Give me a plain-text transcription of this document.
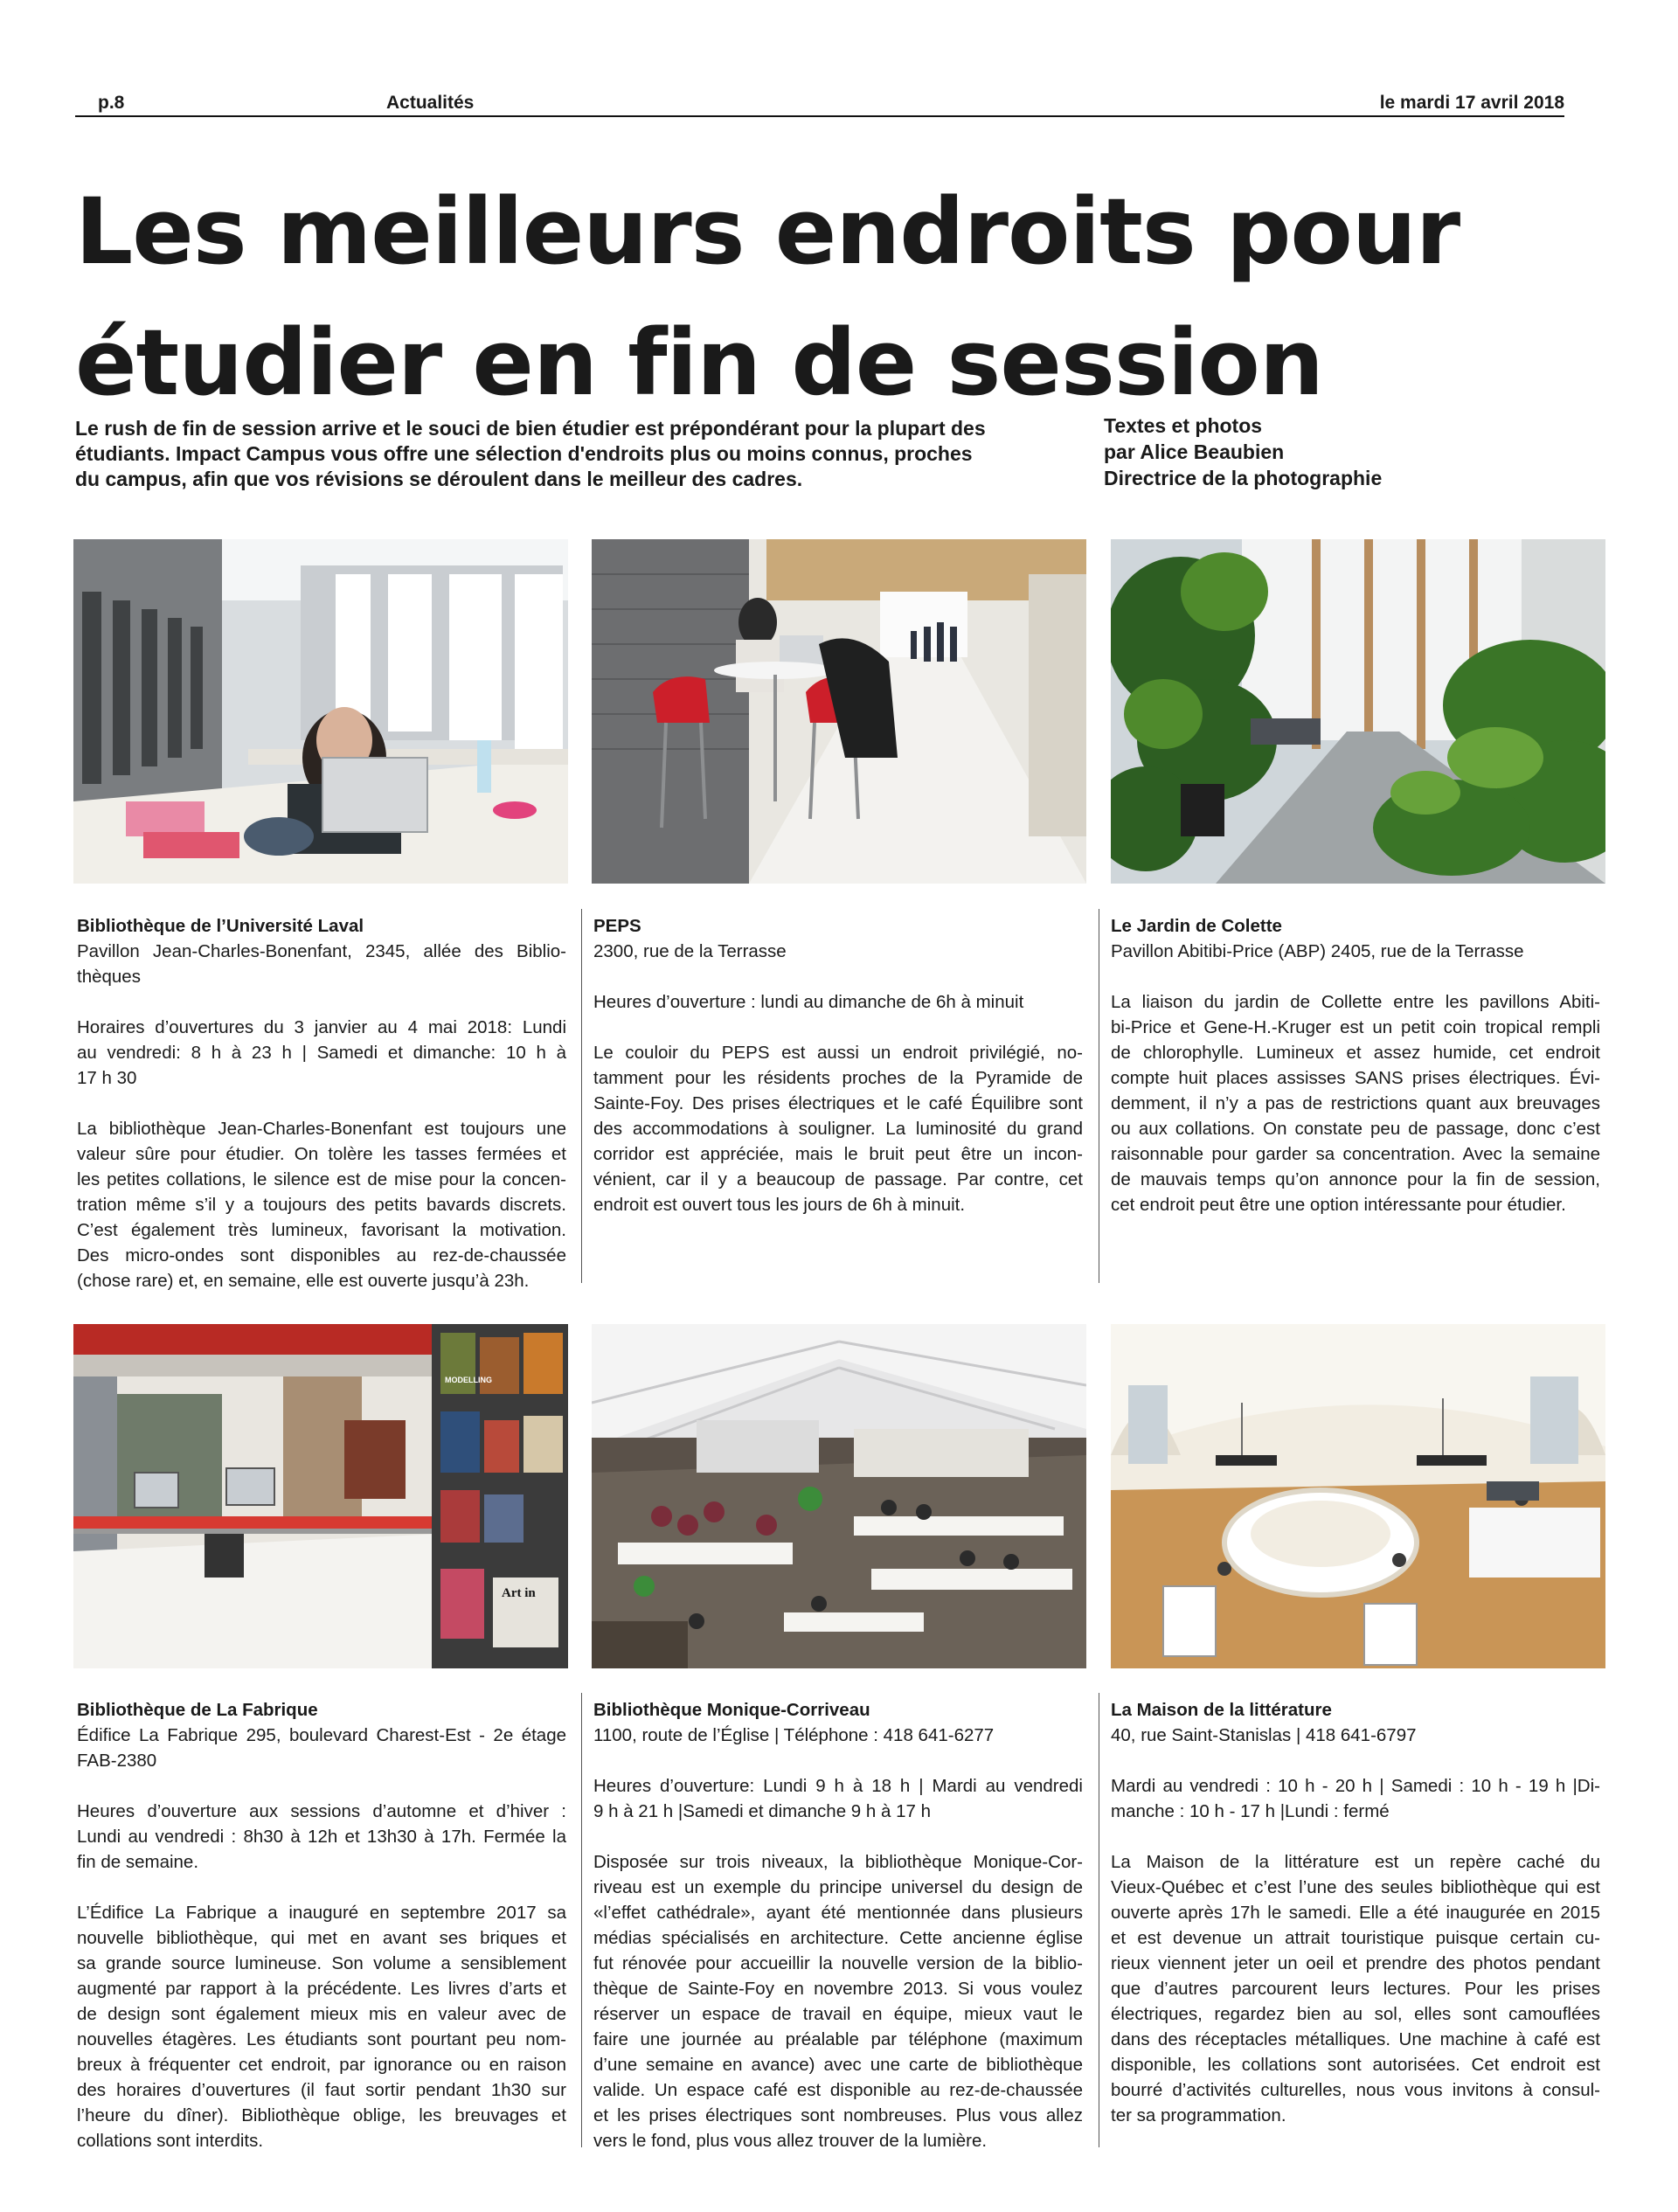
p.8	Actualités	le mardi 17 avril 2018
Les meilleurs endroits pour
étudier en fin de session
Le rush de fin de session arrive et le souci de bien étudier est prépondérant pour la plupart des
étudiants. Impact Campus vous offre une sélection d'endroits plus ou moins connus, proches
du campus, afin que vos révisions se déroulent dans le meilleur des cadres.
Textes et photos
par Alice Beaubien
Directrice de la photographie
Bibliothèque de l’Université Laval
Pavillon Jean-Charles-Bonenfant, 2345, allée des Biblio-
thèques
Horaires d’ouvertures du 3 janvier au 4 mai 2018: Lundi
au vendredi: 8 h à 23 h | Samedi et dimanche: 10 h à
17 h 30
La bibliothèque Jean-Charles-Bonenfant est toujours une
valeur sûre pour étudier. On tolère les tasses fermées et
les petites collations, le silence est de mise pour la concen-
tration même s’il y a toujours des petits bavards discrets.
C’est également très lumineux, favorisant la motivation.
Des micro-ondes sont disponibles au rez-de-chaussée
(chose rare) et, en semaine, elle est ouverte jusqu’à 23h.
PEPS
2300, rue de la Terrasse
Heures d’ouverture : lundi au dimanche de 6h à minuit
Le couloir du PEPS est aussi un endroit privilégié, no-
tamment pour les résidents proches de la Pyramide de
Sainte-Foy. Des prises électriques et le café Équilibre sont
des accommodations à souligner. La luminosité du grand
corridor est appréciée, mais le bruit peut être un incon-
vénient, car il y a beaucoup de passage. Par contre, cet
endroit est ouvert tous les jours de 6h à minuit.
Le Jardin de Colette
Pavillon Abitibi-Price (ABP) 2405, rue de la Terrasse
La liaison du jardin de Collette entre les pavillons Abiti-
bi-Price et Gene-H.-Kruger est un petit coin tropical rempli
de chlorophylle. Lumineux et assez humide, cet endroit
compte huit places assisses SANS prises électriques. Évi-
demment, il n’y a pas de restrictions quant aux breuvages
ou aux collations. On constate peu de passage, donc c’est
raisonnable pour garder sa concentration. Avec la semaine
de mauvais temps qu’on annonce pour la fin de session,
cet endroit peut être une option intéressante pour étudier.
MODELLING
Art in
Bibliothèque de La Fabrique
Édifice La Fabrique 295, boulevard Charest-Est - 2e étage
FAB-2380
Heures d’ouverture aux sessions d’automne et d’hiver :
Lundi au vendredi : 8h30 à 12h et 13h30 à 17h. Fermée la
fin de semaine.
L’Édifice La Fabrique a inauguré en septembre 2017 sa
nouvelle bibliothèque, qui met en avant ses briques et
sa grande source lumineuse. Son volume a sensiblement
augmenté par rapport à la précédente. Les livres d’arts et
de design sont également mieux mis en valeur avec de
nouvelles étagères. Les étudiants sont pourtant peu nom-
breux à fréquenter cet endroit, par ignorance ou en raison
des horaires d’ouvertures (il faut sortir pendant 1h30 sur
l’heure du dîner). Bibliothèque oblige, les breuvages et
collations sont interdits.
Bibliothèque Monique-Corriveau
1100, route de l’Église | Téléphone : 418 641-6277
Heures d’ouverture: Lundi 9 h à 18 h | Mardi au vendredi
9 h à 21 h |Samedi et dimanche 9 h à 17 h
Disposée sur trois niveaux, la bibliothèque Monique-Cor-
riveau est un exemple du principe universel du design de
«l’effet cathédrale», ayant été mentionnée dans plusieurs
médias spécialisés en architecture. Cette ancienne église
fut rénovée pour accueillir la nouvelle version de la biblio-
thèque de Sainte-Foy en novembre 2013. Si vous voulez
réserver un espace de travail en équipe, mieux vaut le
faire une journée au préalable par téléphone (maximum
d’une semaine en avance) avec une carte de bibliothèque
valide. Un espace café est disponible au rez-de-chaussée
et les prises électriques sont nombreuses. Plus vous allez
vers le fond, plus vous allez trouver de la lumière.
La Maison de la littérature
40, rue Saint-Stanislas | 418 641-6797
Mardi au vendredi : 10 h - 20 h | Samedi : 10 h - 19 h |Di-
manche : 10 h - 17 h |Lundi : fermé
La Maison de la littérature est un repère caché du
Vieux-Québec et c’est l’une des seules bibliothèque qui est
ouverte après 17h le samedi. Elle a été inaugurée en 2015
et est devenue un attrait touristique puisque certain cu-
rieux viennent jeter un oeil et prendre des photos pendant
que d’autres parcourent leurs lectures. Pour les prises
électriques, regardez bien au sol, elles sont camouflées
dans des réceptacles métalliques. Une machine à café est
disponible, les collations sont autorisées. Cet endroit est
bourré d’activités culturelles, nous vous invitons à consul-
ter sa programmation.
